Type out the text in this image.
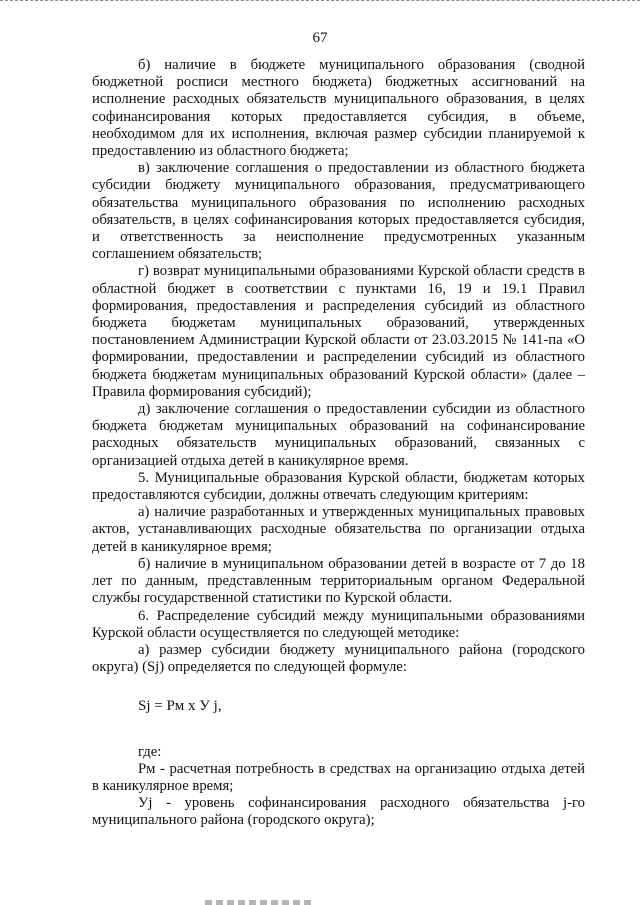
67

б) наличие в бюджете муниципального образования (сводной бюджетной росписи местного бюджета) бюджетных ассигнований на исполнение расходных обязательств муниципального образования, в целях софинансирования которых предоставляется субсидия, в объеме, необходимом для их исполнения, включая размер субсидии планируемой к предоставлению из областного бюджета;

в) заключение соглашения о предоставлении из областного бюджета субсидии бюджету муниципального образования, предусматривающего обязательства муниципального образования по исполнению расходных обязательств, в целях софинансирования которых предоставляется субсидия, и ответственность за неисполнение предусмотренных указанным соглашением обязательств;

г) возврат муниципальными образованиями Курской области средств в областной бюджет в соответствии с пунктами 16, 19 и 19.1 Правил формирования, предоставления и распределения субсидий из областного бюджета бюджетам муниципальных образований, утвержденных постановлением Администрации Курской области от 23.03.2015 № 141-па «О формировании, предоставлении и распределении субсидий из областного бюджета бюджетам муниципальных образований Курской области» (далее – Правила формирования субсидий);

д) заключение соглашения о предоставлении субсидии из областного бюджета бюджетам муниципальных образований на софинансирование расходных обязательств муниципальных образований, связанных с организацией отдыха детей в каникулярное время.

5. Муниципальные образования Курской области, бюджетам которых предоставляются субсидии, должны отвечать следующим критериям:

а) наличие разработанных и утвержденных муниципальных правовых актов, устанавливающих расходные обязательства по организации отдыха детей в каникулярное время;

б) наличие в муниципальном образовании детей в возрасте от 7 до 18 лет по данным, представленным территориальным органом Федеральной службы государственной статистики по Курской области.

6. Распределение субсидий между муниципальными образованиями Курской области осуществляется по следующей методике:

а) размер субсидии бюджету муниципального района (городского округа) (Sj) определяется по следующей формуле:

Sj = Рм х У j,

где:

Рм - расчетная потребность в средствах на организацию отдыха детей в каникулярное время;

Уj - уровень софинансирования расходного обязательства j-го муниципального района (городского округа);
